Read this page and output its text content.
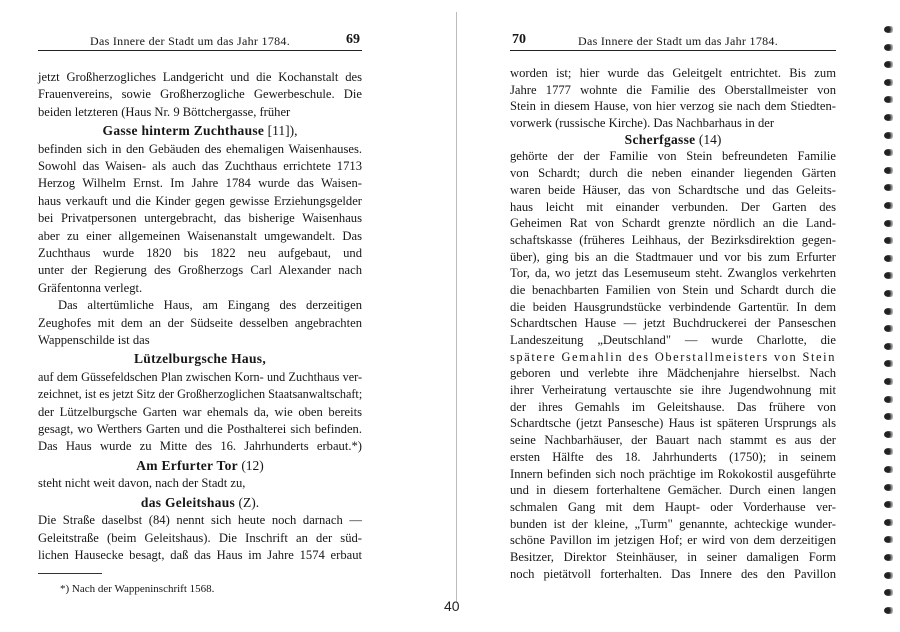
Das Innere der Stadt um das Jahr 1784.	69
jetzt Großherzogliches Landgericht und die Kochanstalt des
Frauenvereins, sowie Großherzogliche Gewerbeschule. Die
beiden letzteren (Haus Nr. 9 Böttchergasse, früher
Gasse hinterm Zuchthause [11]),
befinden sich in den Gebäuden des ehemaligen Waisenhauses.
Sowohl das Waisen- als auch das Zuchthaus errichtete 1713
Herzog Wilhelm Ernst. Im Jahre 1784 wurde das Waisen-
haus verkauft und die Kinder gegen gewisse Erziehungsgelder
bei Privatpersonen untergebracht, das bisherige Waisenhaus
aber zu einer allgemeinen Waisenanstalt umgewandelt. Das
Zuchthaus wurde 1820 bis 1822 neu aufgebaut, und
unter der Regierung des Großherzogs Carl Alexander nach
Gräfentonna verlegt.
Das altertümliche Haus, am Eingang des derzeitigen
Zeughofes mit dem an der Südseite desselben angebrachten
Wappenschilde ist das
Lützelburgsche Haus,
auf dem Güssefeldschen Plan zwischen Korn- und Zuchthaus ver-
zeichnet, ist es jetzt Sitz der Großherzoglichen Staatsanwaltschaft;
der Lützelburgsche Garten war ehemals da, wie oben bereits
gesagt, wo Werthers Garten und die Posthalterei sich befinden.
Das Haus wurde zu Mitte des 16. Jahrhunderts erbaut.*)
Am Erfurter Tor (12)
steht nicht weit davon, nach der Stadt zu,
das Geleitshaus (Z).
Die Straße daselbst (84) nennt sich heute noch darnach —
Geleitstraße (beim Geleitshaus). Die Inschrift an der süd-
lichen Hausecke besagt, daß das Haus im Jahre 1574 erbaut
*) Nach der Wappeninschrift 1568.
70	Das Innere der Stadt um das Jahr 1784.
worden ist; hier wurde das Geleitgelt entrichtet. Bis zum
Jahre 1777 wohnte die Familie des Oberstallmeister von
Stein in diesem Hause, von hier verzog sie nach dem Stiedten-
vorwerk (russische Kirche). Das Nachbarhaus in der
Scherfgasse (14)
gehörte der der Familie von Stein befreundeten Familie
von Schardt; durch die neben einander liegenden Gärten
waren beide Häuser, das von Schardtsche und das Geleits-
haus leicht mit einander verbunden. Der Garten des
Geheimen Rat von Schardt grenzte nördlich an die Land-
schaftskasse (früheres Leihhaus, der Bezirksdirektion gegen-
über), ging bis an die Stadtmauer und vor bis zum Erfurter
Tor, da, wo jetzt das Lesemuseum steht. Zwanglos verkehrten
die benachbarten Familien von Stein und Schardt durch die
die beiden Hausgrundstücke verbindende Gartentür. In dem
Schardtschen Hause — jetzt Buchdruckerei der Panseschen
Landeszeitung „Deutschland" — wurde Charlotte, die
spätere Gemahlin des Oberstallmeisters von Stein
geboren und verlebte ihre Mädchenjahre hierselbst. Nach
ihrer Verheiratung vertauschte sie ihre Jugendwohnung mit
der ihres Gemahls im Geleitshause. Das frühere von
Schardtsche (jetzt Pansesche) Haus ist späteren Ursprungs als
seine Nachbarhäuser, der Bauart nach stammt es aus der
ersten Hälfte des 18. Jahrhunderts (1750); in seinem
Innern befinden sich noch prächtige im Rokokostil ausgeführte
und in diesem forterhaltene Gemächer. Durch einen langen
schmalen Gang mit dem Haupt- oder Vorderhause ver-
bunden ist der kleine, „Turm" genannte, achteckige wunder-
schöne Pavillon im jetzigen Hof; er wird von dem derzeitigen
Besitzer, Direktor Steinhäuser, in seiner damaligen Form
noch pietätvoll forterhalten. Das Innere des den Pavillon
40
